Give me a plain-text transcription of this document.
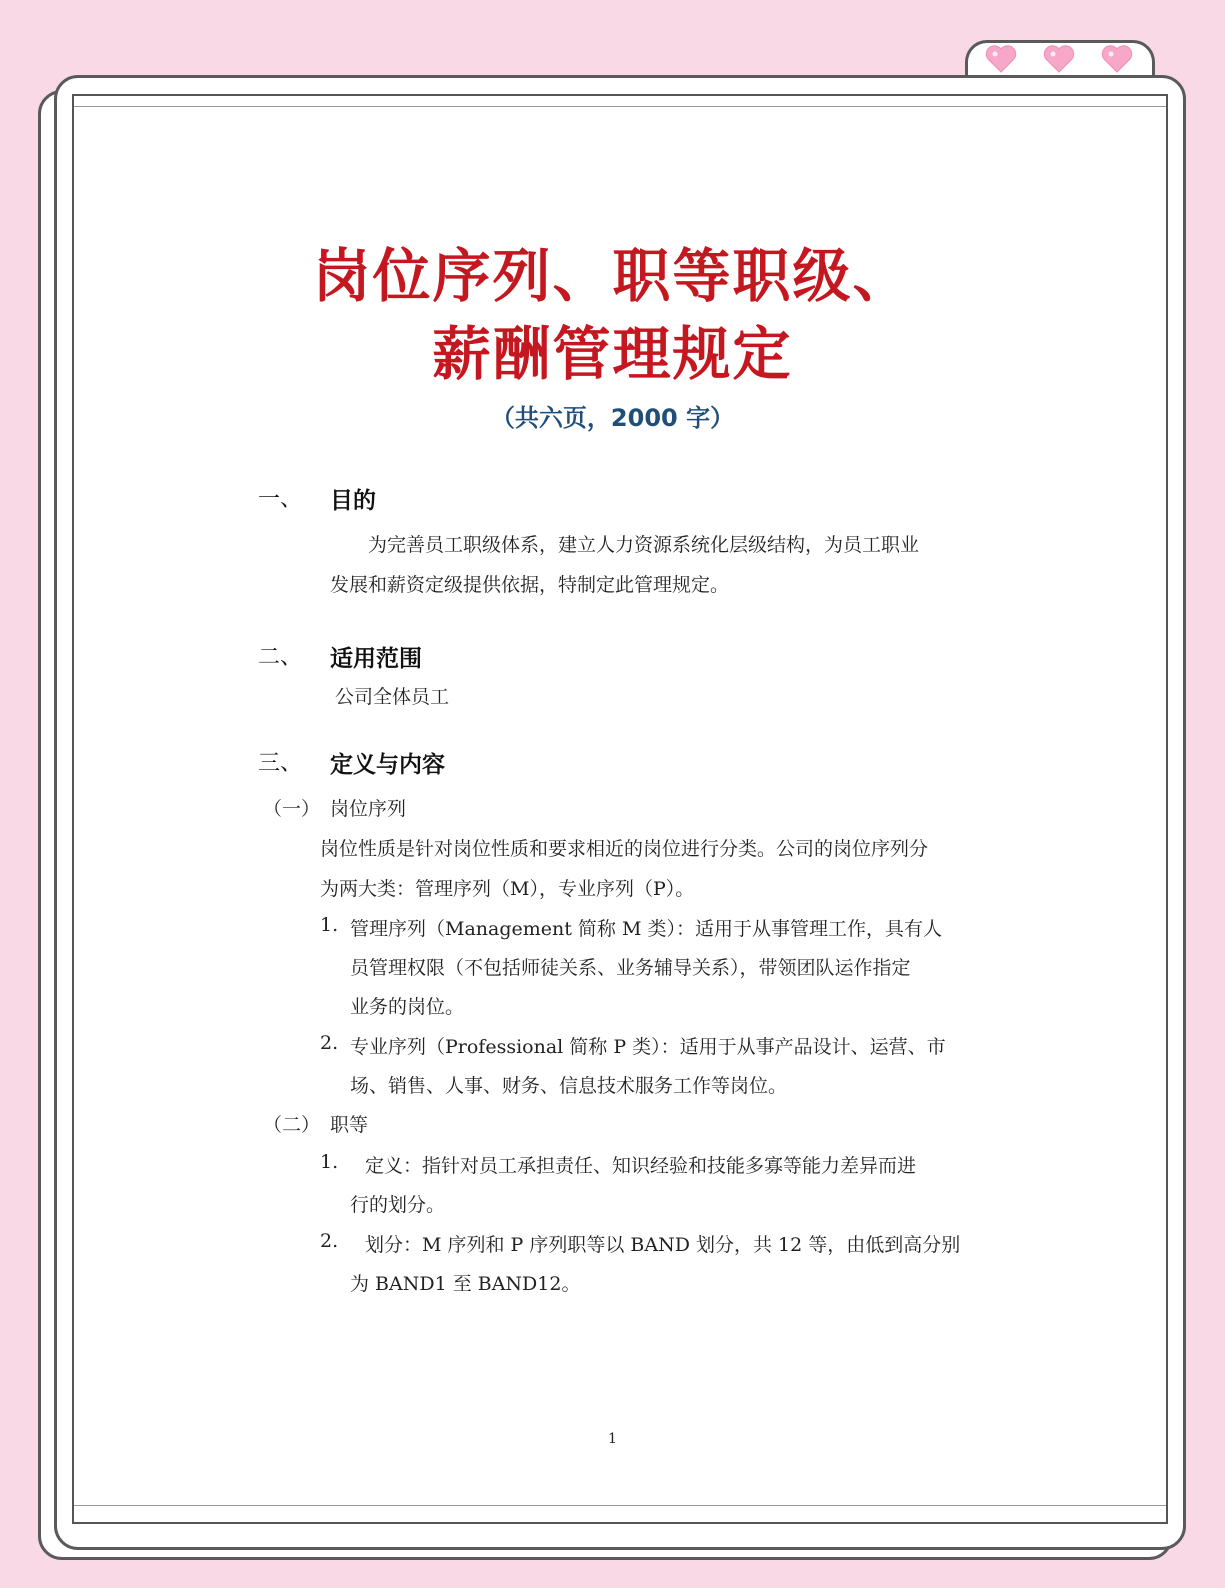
岗位序列、职等职级、
薪酬管理规定
（共六页，2000 字）
一、 目的
为完善员工职级体系，建立人力资源系统化层级结构，为员工职业
发展和薪资定级提供依据，特制定此管理规定。
二、 适用范围
公司全体员工
三、 定义与内容
（一） 岗位序列
岗位性质是针对岗位性质和要求相近的岗位进行分类。公司的岗位序列分
为两大类：管理序列（M），专业序列（P）。
1. 管理序列（Management 简称 M 类）：适用于从事管理工作，具有人
员管理权限（不包括师徒关系、业务辅导关系），带领团队运作指定
业务的岗位。
2. 专业序列（Professional 简称 P 类）：适用于从事产品设计、运营、市
场、销售、人事、财务、信息技术服务工作等岗位。
（二） 职等
1. 定义：指针对员工承担责任、知识经验和技能多寡等能力差异而进
行的划分。
2. 划分：M 序列和 P 序列职等以 BAND 划分，共 12 等，由低到高分别
为 BAND1 至 BAND12。
1
